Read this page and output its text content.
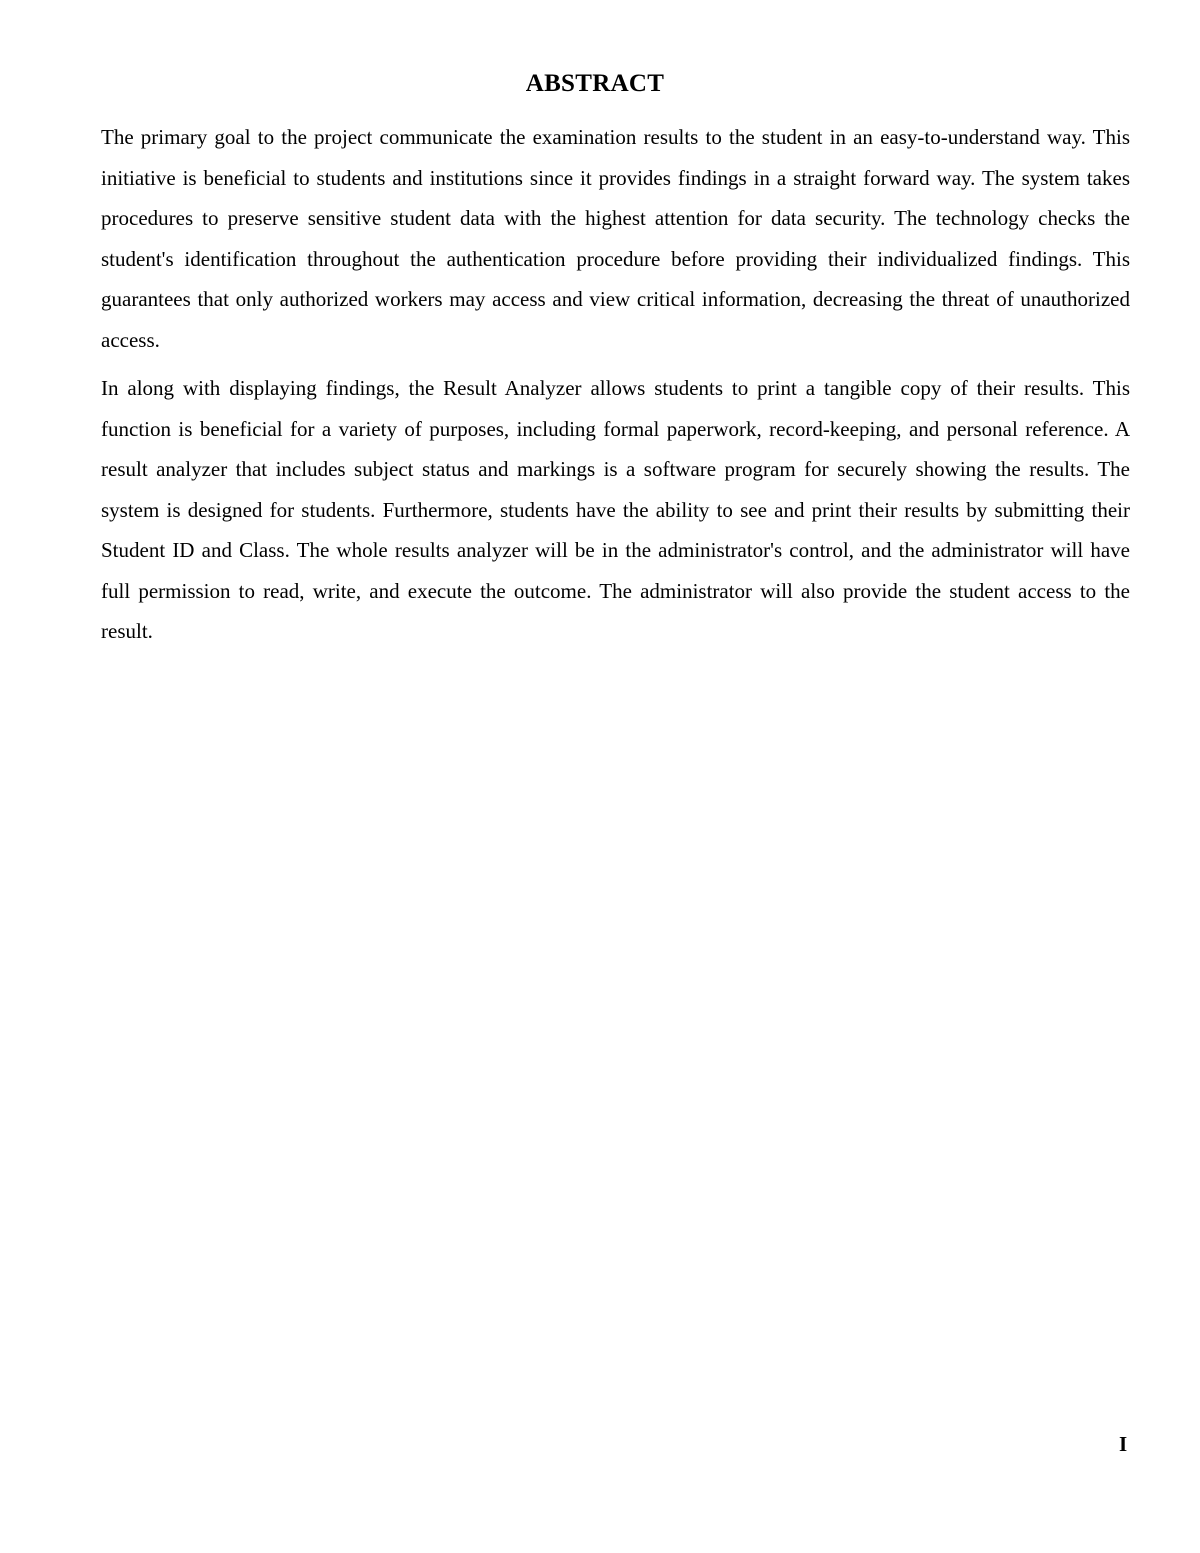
ABSTRACT

The primary goal to the project communicate the examination results to the student in an easy-to-understand way. This initiative is beneficial to students and institutions since it provides findings in a straight forward way. The system takes procedures to preserve sensitive student data with the highest attention for data security. The technology checks the student's identification throughout the authentication procedure before providing their individualized findings. This guarantees that only authorized workers may access and view critical information, decreasing the threat of unauthorized access.

In along with displaying findings, the Result Analyzer allows students to print a tangible copy of their results. This function is beneficial for a variety of purposes, including formal paperwork, record-keeping, and personal reference. A result analyzer that includes subject status and markings is a software program for securely showing the results. The system is designed for students. Furthermore, students have the ability to see and print their results by submitting their Student ID and Class. The whole results analyzer will be in the administrator's control, and the administrator will have full permission to read, write, and execute the outcome. The administrator will also provide the student access to the result.

I
